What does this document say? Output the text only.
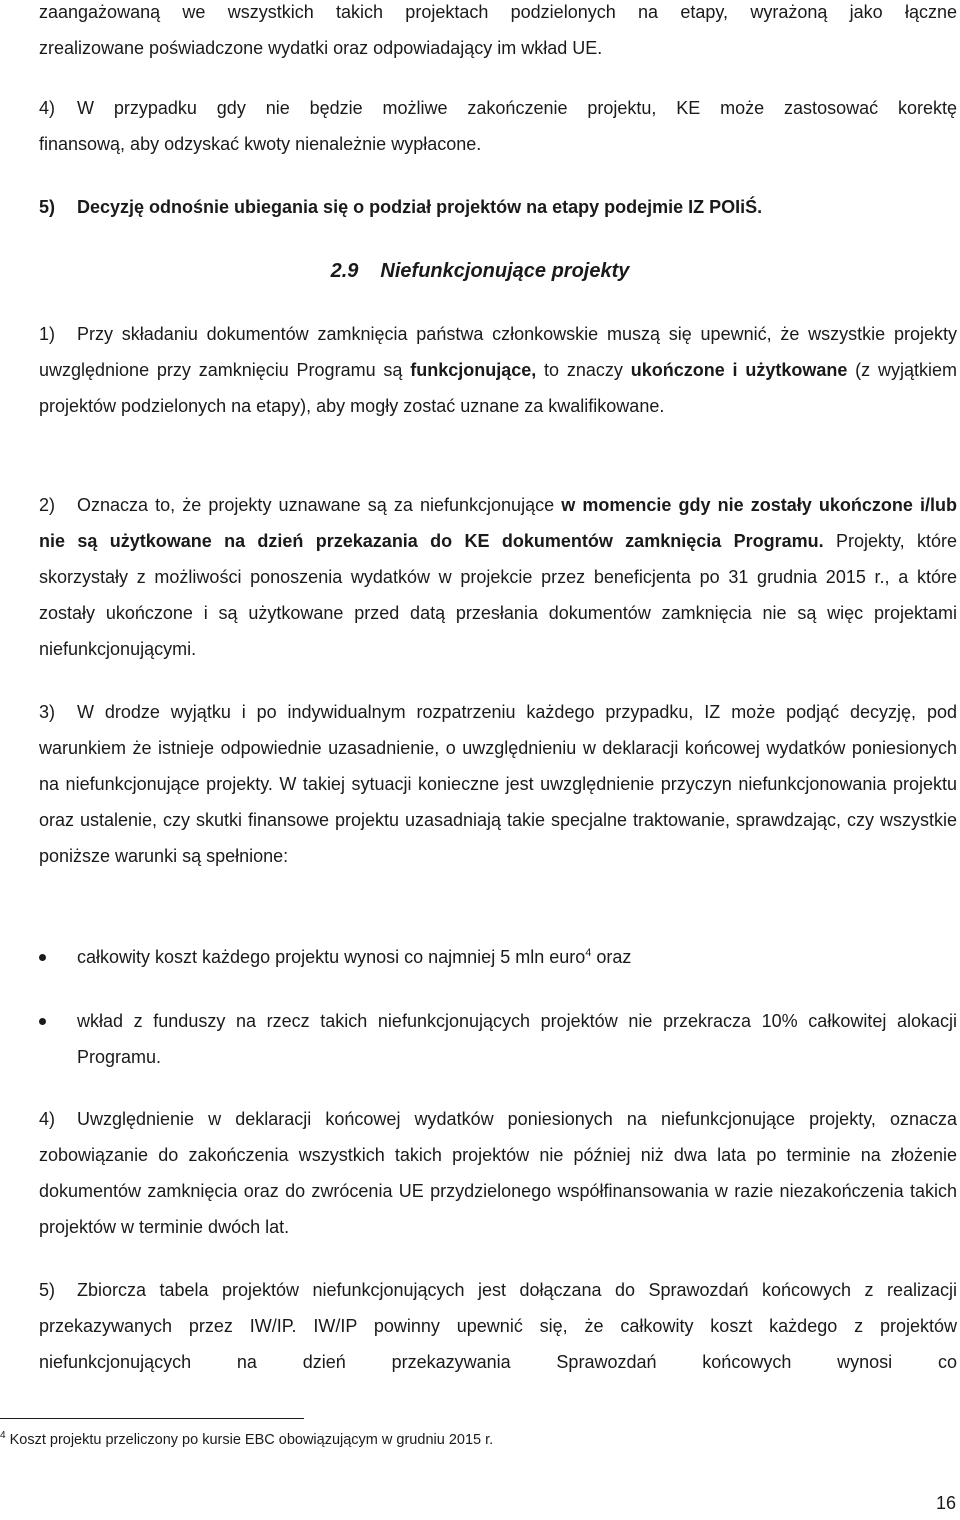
zaangażowaną we wszystkich takich projektach podzielonych na etapy, wyrażoną jako łączne

zrealizowane poświadczone wydatki oraz odpowiadający im wkład UE.

4) W przypadku gdy nie będzie możliwe zakończenie projektu, KE może zastosować korektę

finansową, aby odzyskać kwoty nienależnie wypłacone.

5) Decyzję odnośnie ubiegania się o podział projektów na etapy podejmie IZ POIiŚ.

2.9 Niefunkcjonujące projekty

1) Przy składaniu dokumentów zamknięcia państwa członkowskie muszą się upewnić, że wszystkie projekty uwzględnione przy zamknięciu Programu są funkcjonujące, to znaczy ukończone i użytkowane (z wyjątkiem projektów podzielonych na etapy), aby mogły zostać uznane za kwalifikowane.

2) Oznacza to, że projekty uznawane są za niefunkcjonujące w momencie gdy nie zostały ukończone i/lub nie są użytkowane na dzień przekazania do KE dokumentów zamknięcia Programu. Projekty, które skorzystały z możliwości ponoszenia wydatków w projekcie przez beneficjenta po 31 grudnia 2015 r., a które zostały ukończone i są użytkowane przed datą przesłania dokumentów zamknięcia nie są więc projektami niefunkcjonującymi.

3) W drodze wyjątku i po indywidualnym rozpatrzeniu każdego przypadku, IZ może podjąć decyzję, pod warunkiem że istnieje odpowiednie uzasadnienie, o uwzględnieniu w deklaracji końcowej wydatków poniesionych na niefunkcjonujące projekty. W takiej sytuacji konieczne jest uwzględnienie przyczyn niefunkcjonowania projektu oraz ustalenie, czy skutki finansowe projektu uzasadniają takie specjalne traktowanie, sprawdzając, czy wszystkie poniższe warunki są spełnione:

całkowity koszt każdego projektu wynosi co najmniej 5 mln euro$^4$ oraz
wkład z funduszy na rzecz takich niefunkcjonujących projektów nie przekracza 10% całkowitej alokacji Programu.

4) Uwzględnienie w deklaracji końcowej wydatków poniesionych na niefunkcjonujące projekty, oznacza zobowiązanie do zakończenia wszystkich takich projektów nie później niż dwa lata po terminie na złożenie dokumentów zamknięcia oraz do zwrócenia UE przydzielonego współfinansowania w razie niezakończenia takich projektów w terminie dwóch lat.

5) Zbiorcza tabela projektów niefunkcjonujących jest dołączana do Sprawozdań końcowych z realizacji przekazywanych przez IW/IP. IW/IP powinny upewnić się, że całkowity koszt każdego z projektów niefunkcjonujących na dzień przekazywania Sprawozdań końcowych wynosi co

$^4$ Koszt projektu przeliczony po kursie EBC obowiązującym w grudniu 2015 r.

16
